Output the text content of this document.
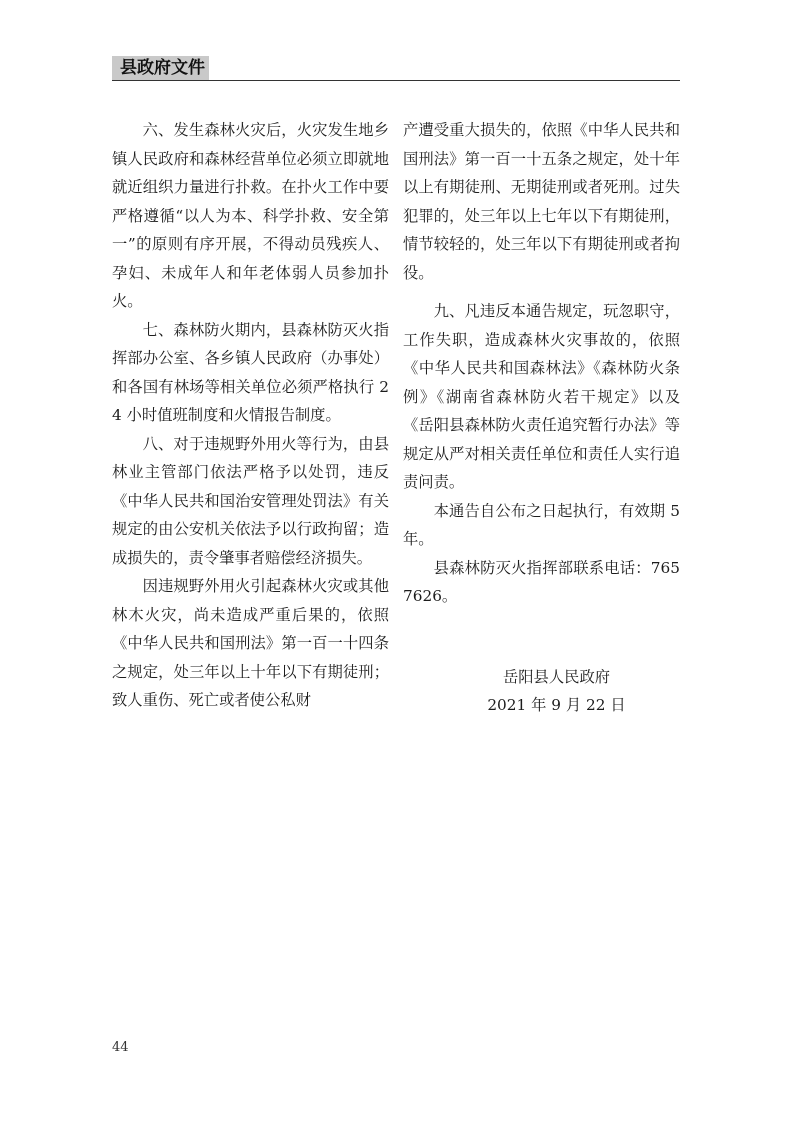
县政府文件

六、发生森林火灾后，火灾发生地乡镇人民政府和森林经营单位必须立即就地就近组织力量进行扑救。在扑火工作中要严格遵循“以人为本、科学扑救、安全第一”的原则有序开展，不得动员残疾人、孕妇、未成年人和年老体弱人员参加扑火。

七、森林防火期内，县森林防灭火指挥部办公室、各乡镇人民政府（办事处）和各国有林场等相关单位必须严格执行 24 小时值班制度和火情报告制度。

八、对于违规野外用火等行为，由县林业主管部门依法严格予以处罚，违反《中华人民共和国治安管理处罚法》有关规定的由公安机关依法予以行政拘留；造成损失的，责令肇事者赔偿经济损失。

因违规野外用火引起森林火灾或其他林木火灾，尚未造成严重后果的，依照《中华人民共和国刑法》第一百一十四条之规定，处三年以上十年以下有期徒刑；致人重伤、死亡或者使公私财

产遭受重大损失的，依照《中华人民共和国刑法》第一百一十五条之规定，处十年以上有期徒刑、无期徒刑或者死刑。过失犯罪的，处三年以上七年以下有期徒刑，情节较轻的，处三年以下有期徒刑或者拘役。

九、凡违反本通告规定，玩忽职守，工作失职，造成森林火灾事故的，依照《中华人民共和国森林法》《森林防火条例》《湖南省森林防火若干规定》以及《岳阳县森林防火责任追究暂行办法》等规定从严对相关责任单位和责任人实行追责问责。

本通告自公布之日起执行，有效期 5 年。

县森林防灭火指挥部联系电话：7657626。

岳阳县人民政府
2021 年 9 月 22 日
44
